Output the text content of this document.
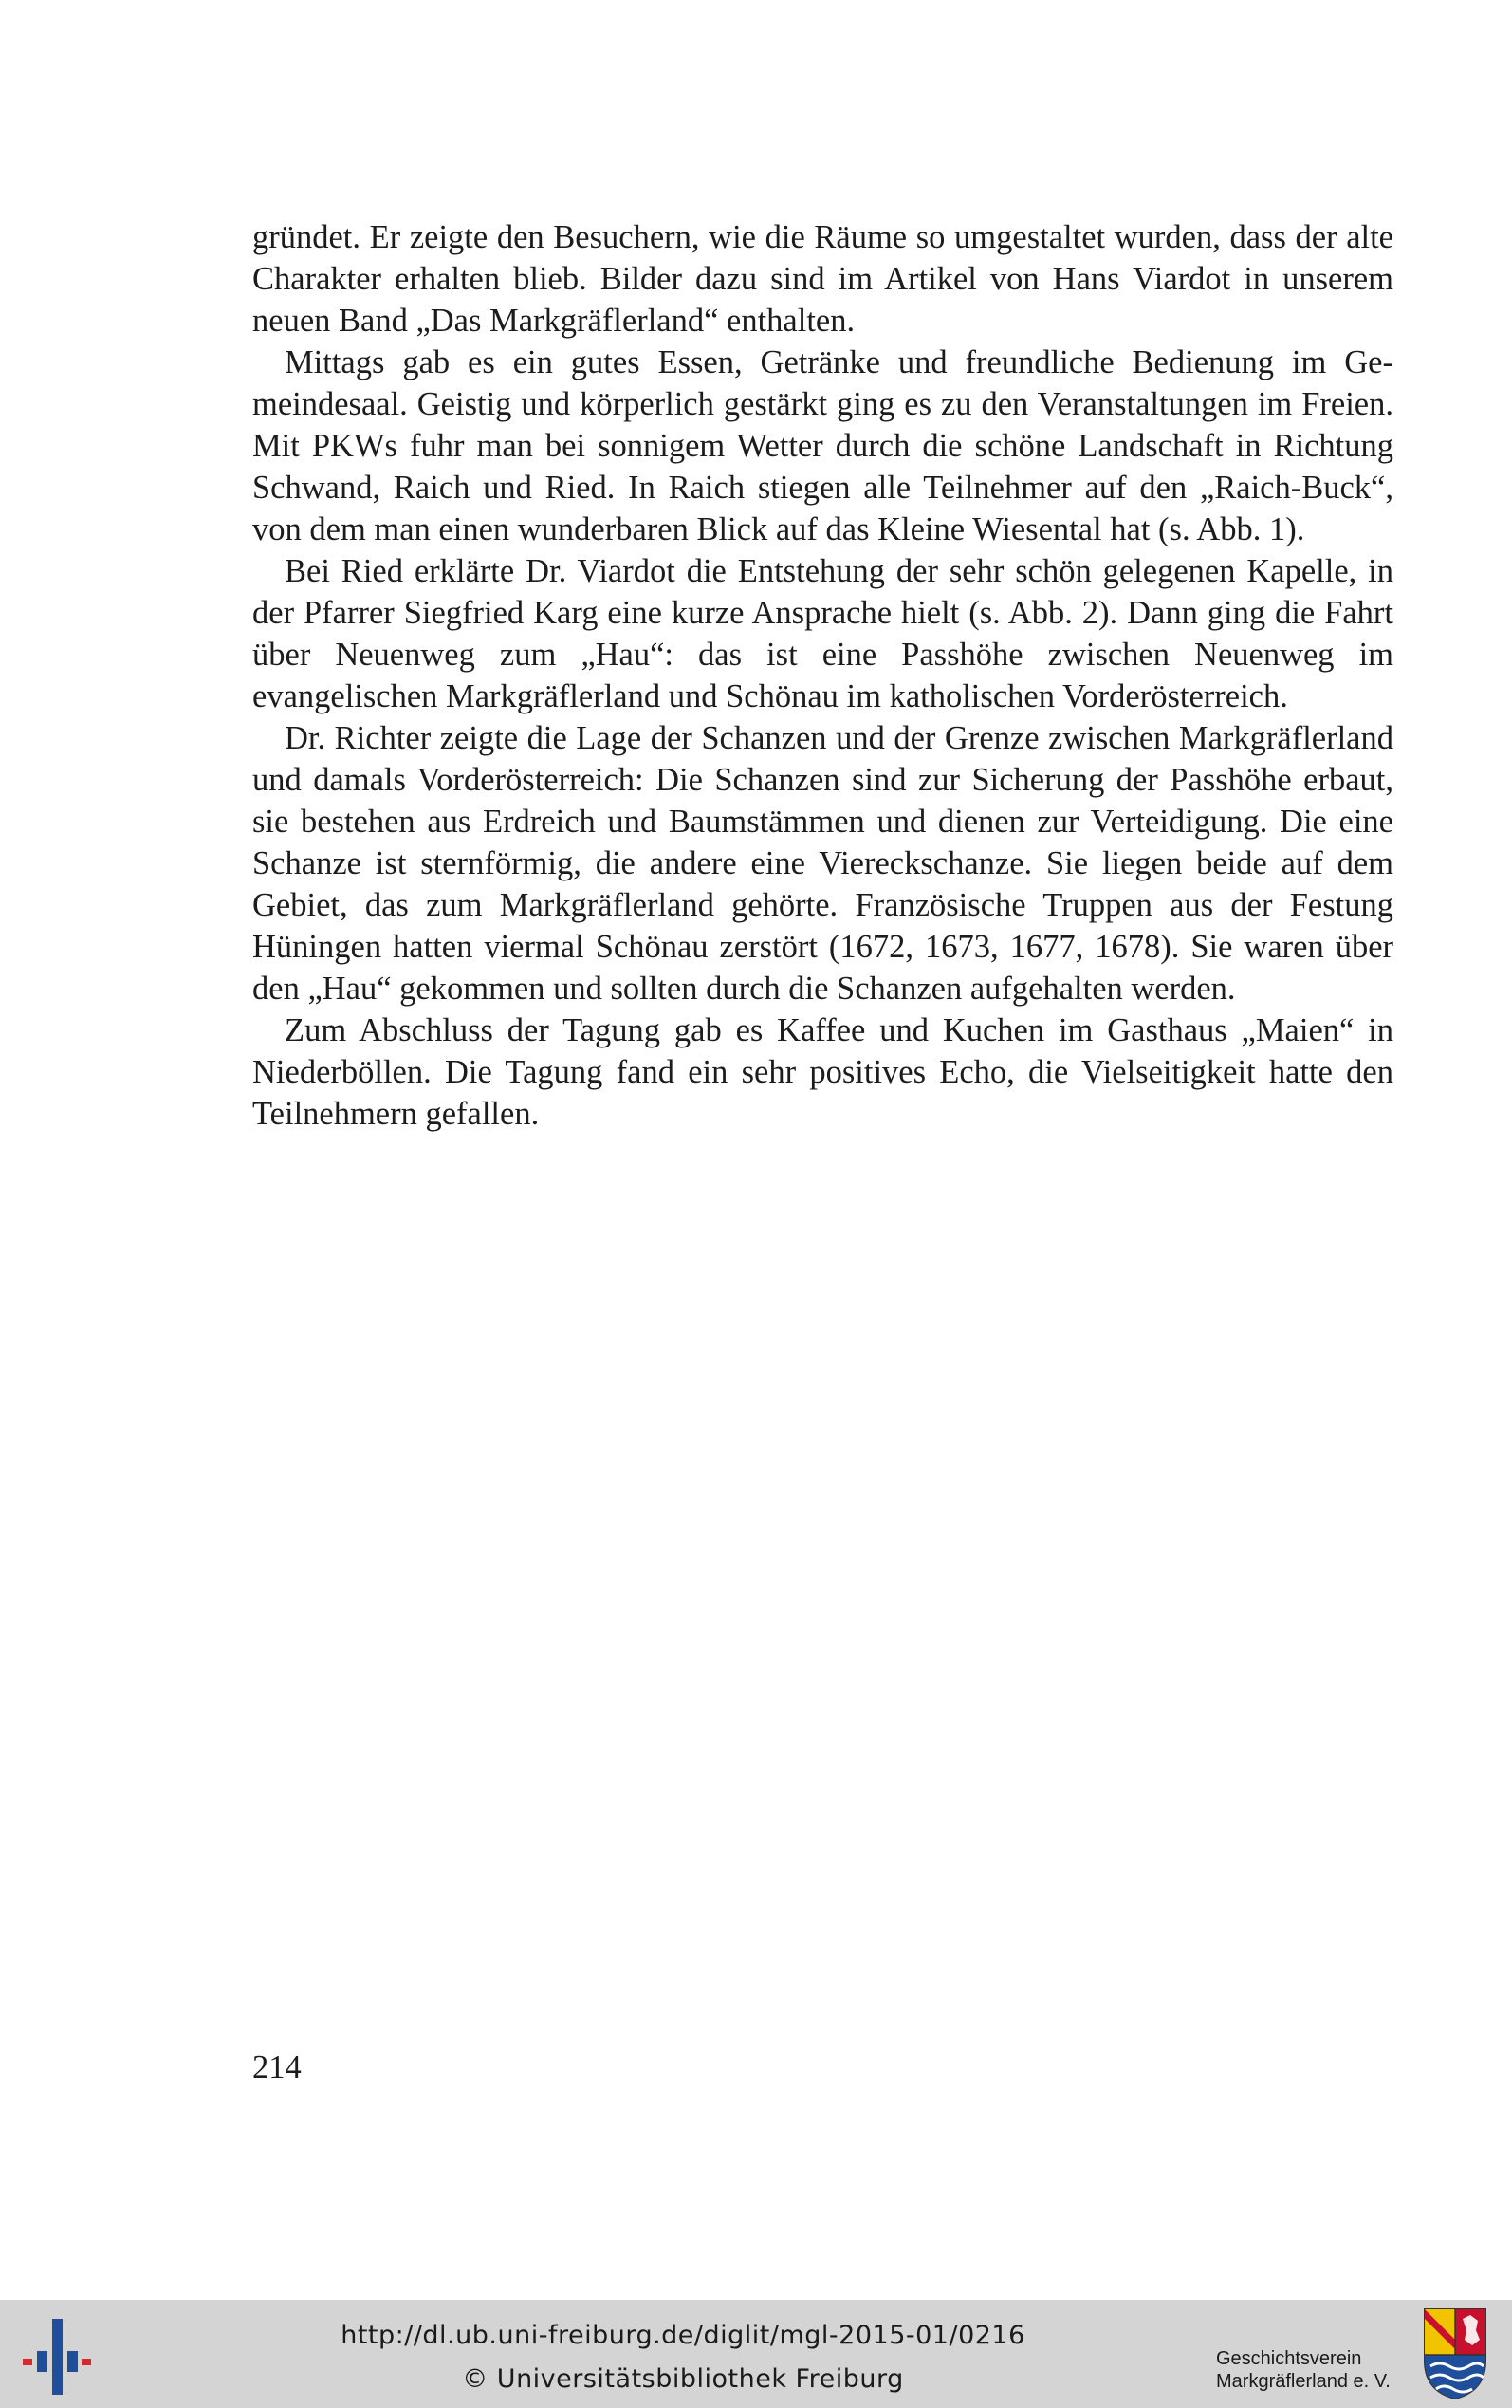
gründet. Er zeigte den Besuchern, wie die Räume so umgestaltet wurden, dass der alte Charakter erhalten blieb. Bilder dazu sind im Artikel von Hans Viardot in unserem neuen Band „Das Markgräflerland“ enthalten.

Mittags gab es ein gutes Essen, Getränke und freundliche Bedienung im Gemeindesaal. Geistig und körperlich gestärkt ging es zu den Veranstaltungen im Freien. Mit PKWs fuhr man bei sonnigem Wetter durch die schöne Landschaft in Richtung Schwand, Raich und Ried. In Raich stiegen alle Teilnehmer auf den „Raich-Buck“, von dem man einen wunderbaren Blick auf das Kleine Wiesental hat (s. Abb. 1).

Bei Ried erklärte Dr. Viardot die Entstehung der sehr schön gelegenen Kapelle, in der Pfarrer Siegfried Karg eine kurze Ansprache hielt (s. Abb. 2). Dann ging die Fahrt über Neuenweg zum „Hau“: das ist eine Passhöhe zwischen Neuenweg im evangelischen Markgräflerland und Schönau im katholischen Vorderösterreich.

Dr. Richter zeigte die Lage der Schanzen und der Grenze zwischen Markgräflerland und damals Vorderösterreich: Die Schanzen sind zur Sicherung der Passhöhe erbaut, sie bestehen aus Erdreich und Baumstämmen und dienen zur Verteidigung. Die eine Schanze ist sternförmig, die andere eine Viereckschanze. Sie liegen beide auf dem Gebiet, das zum Markgräflerland gehörte. Französische Truppen aus der Festung Hüningen hatten viermal Schönau zerstört (1672, 1673, 1677, 1678). Sie waren über den „Hau“ gekommen und sollten durch die Schanzen aufgehalten werden.

Zum Abschluss der Tagung gab es Kaffee und Kuchen im Gasthaus „Maien“ in Niederböllen. Die Tagung fand ein sehr positives Echo, die Vielseitigkeit hatte den Teilnehmern gefallen.

214
http://dl.ub.uni-freiburg.de/diglit/mgl-2015-01/0216
© Universitätsbibliothek Freiburg
Geschichtsverein
Markgräflerland e. V.
